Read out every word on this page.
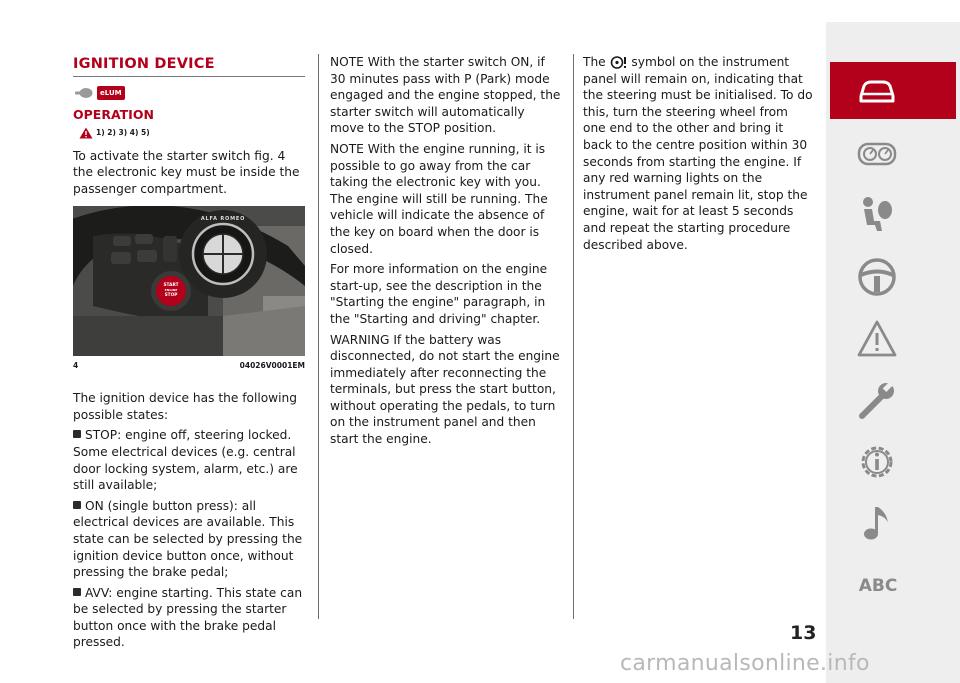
IGNITION DEVICE
eLUM
OPERATION
1) 2) 3) 4) 5)

To activate the starter switch fig. 4 the electronic key must be inside the passenger compartment.

ALFA ROMEO
START
ENGINE
STOP
4	04026V0001EM

The ignition device has the following possible states:

STOP: engine off, steering locked. Some electrical devices (e.g. central door locking system, alarm, etc.) are still available;

ON (single button press): all electrical devices are available. This state can be selected by pressing the ignition device button once, without pressing the brake pedal;

AVV: engine starting. This state can be selected by pressing the starter button once with the brake pedal pressed.

NOTE With the starter switch ON, if 30 minutes pass with P (Park) mode engaged and the engine stopped, the starter switch will automatically move to the STOP position.

NOTE With the engine running, it is possible to go away from the car taking the electronic key with you. The engine will still be running. The vehicle will indicate the absence of the key on board when the door is closed.

For more information on the engine start-up, see the description in the "Starting the engine" paragraph, in the "Starting and driving" chapter.

WARNING If the battery was disconnected, do not start the engine immediately after reconnecting the terminals, but press the start button, without operating the pedals, to turn on the instrument panel and then start the engine.

The symbol on the instrument panel will remain on, indicating that the steering must be initialised. To do this, turn the steering wheel from one end to the other and bring it back to the centre position within 30 seconds from starting the engine. If any red warning lights on the instrument panel remain lit, stop the engine, wait for at least 5 seconds and repeat the starting procedure described above.

ABC
13
carmanualsonline.info
